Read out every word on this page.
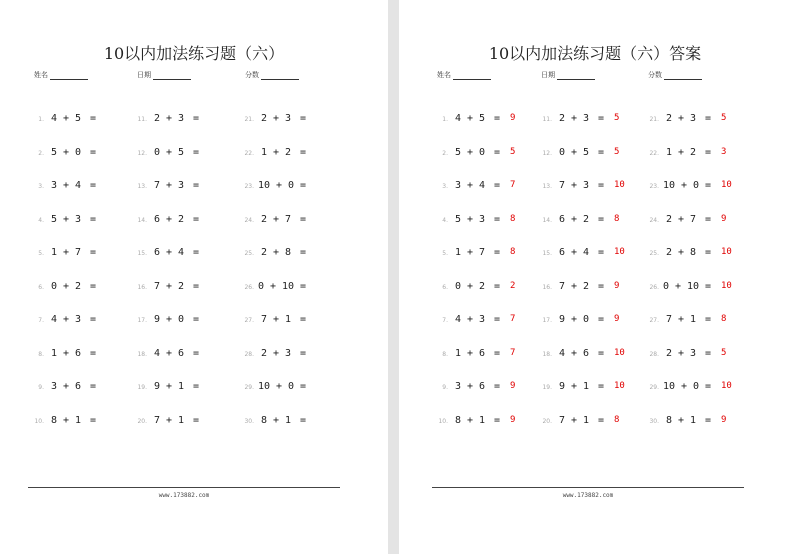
10以内加法练习题（六）
姓名	日期	分数
1. 4 + 5 =
2. 5 + 0 =
3. 3 + 4 =
4. 5 + 3 =
5. 1 + 7 =
6. 0 + 2 =
7. 4 + 3 =
8. 1 + 6 =
9. 3 + 6 =
10. 8 + 1 =
11. 2 + 3 =
12. 0 + 5 =
13. 7 + 3 =
14. 6 + 2 =
15. 6 + 4 =
16. 7 + 2 =
17. 9 + 0 =
18. 4 + 6 =
19. 9 + 1 =
20. 7 + 1 =
21. 2 + 3 =
22. 1 + 2 =
23. 10 + 0 =
24. 2 + 7 =
25. 2 + 8 =
26. 0 + 10 =
27. 7 + 1 =
28. 2 + 3 =
29. 10 + 0 =
30. 8 + 1 =
www.173882.com
10以内加法练习题（六）答案
姓名	日期	分数
1. 4 + 5 = 9
2. 5 + 0 = 5
3. 3 + 4 = 7
4. 5 + 3 = 8
5. 1 + 7 = 8
6. 0 + 2 = 2
7. 4 + 3 = 7
8. 1 + 6 = 7
9. 3 + 6 = 9
10. 8 + 1 = 9
11. 2 + 3 = 5
12. 0 + 5 = 5
13. 7 + 3 = 10
14. 6 + 2 = 8
15. 6 + 4 = 10
16. 7 + 2 = 9
17. 9 + 0 = 9
18. 4 + 6 = 10
19. 9 + 1 = 10
20. 7 + 1 = 8
21. 2 + 3 = 5
22. 1 + 2 = 3
23. 10 + 0 = 10
24. 2 + 7 = 9
25. 2 + 8 = 10
26. 0 + 10 = 10
27. 7 + 1 = 8
28. 2 + 3 = 5
29. 10 + 0 = 10
30. 8 + 1 = 9
www.173882.com
